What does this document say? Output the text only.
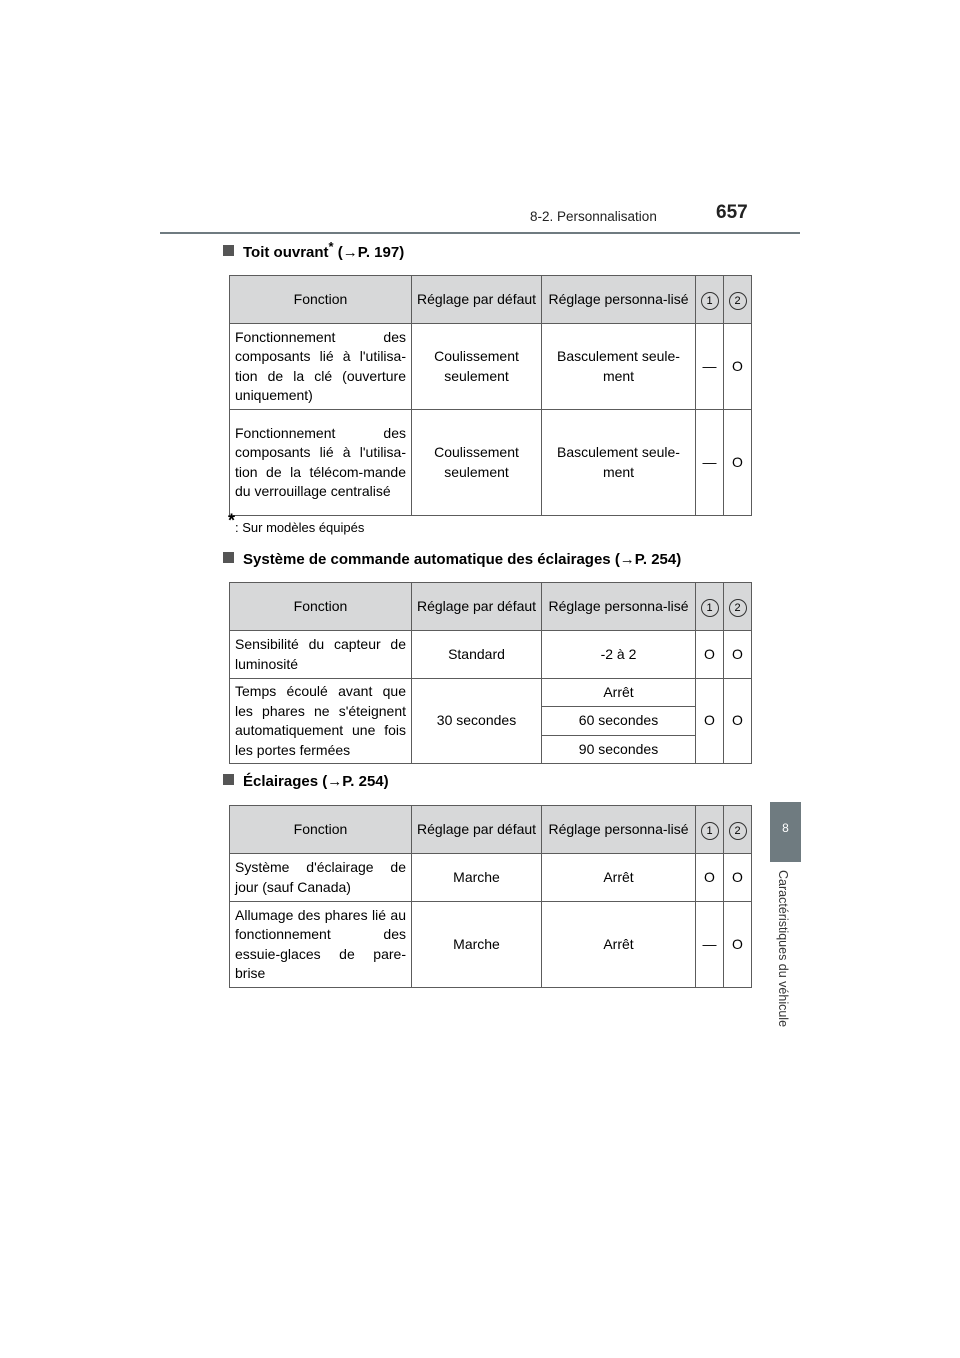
8-2. Personnalisation	657
8
Caractéristiques du véhicule
Toit ouvrant* (→P. 197)
Fonction	Réglage par défaut	Réglage personna-lisé	1	2
Fonctionnement des composants lié à l'utilisa-tion de la clé (ouverture uniquement)	Coulissement seulement	Basculement seule-ment	—	O
Fonctionnement des composants lié à l'utilisa-tion de la télécom-mande du verrouillage centralisé	Coulissement seulement	Basculement seule-ment	—	O
*: Sur modèles équipés
Système de commande automatique des éclairages (→P. 254)
Fonction	Réglage par défaut	Réglage personna-lisé	1	2
Sensibilité du capteur de luminosité	Standard	-2 à 2	O	O
Temps écoulé avant que les phares ne s'éteignent automatiquement une fois les portes fermées	30 secondes	Arrêt	O	O
		60 secondes		
		90 secondes		
Éclairages (→P. 254)
Fonction	Réglage par défaut	Réglage personna-lisé	1	2
Système d'éclairage de jour (sauf Canada)	Marche	Arrêt	O	O
Allumage des phares lié au fonctionnement des essuie-glaces de pare-brise	Marche	Arrêt	—	O
